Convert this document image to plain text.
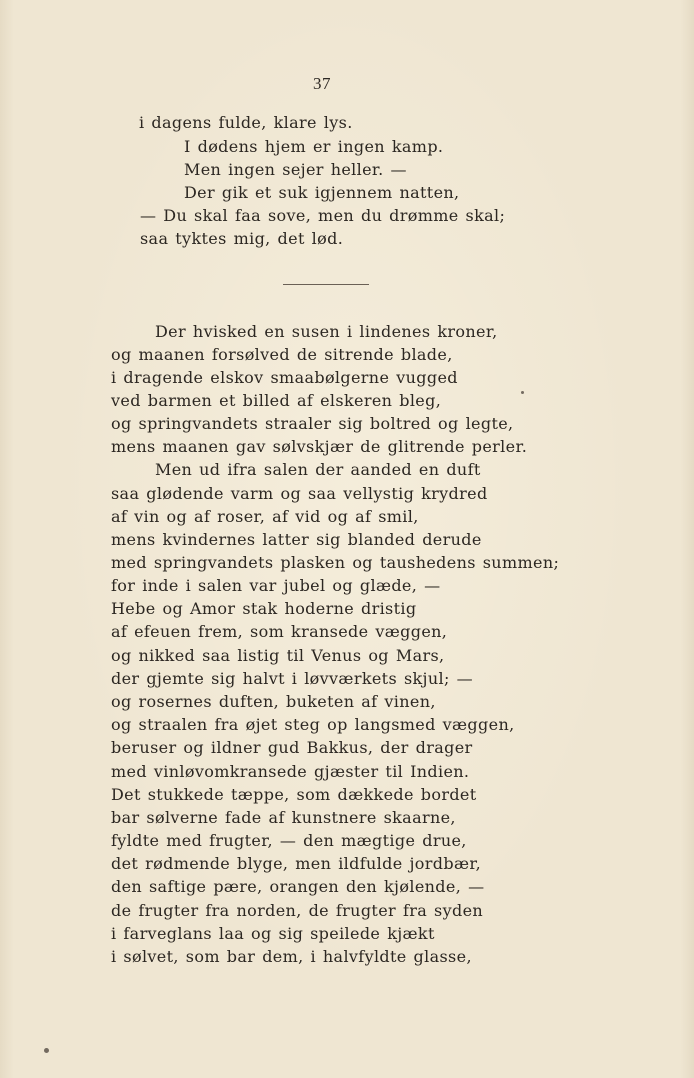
37
i dagens fulde, klare lys.
I dødens hjem er ingen kamp.
Men ingen sejer heller. —
Der gik et suk igjennem natten,
— Du skal faa sove, men du drømme skal;
saa tyktes mig, det lød.
Der hvisked en susen i lindenes kroner,
og maanen forsølved de sitrende blade,
i dragende elskov smaabølgerne vugged
ved barmen et billed af elskeren bleg,
og springvandets straaler sig boltred og legte,
mens maanen gav sølvskjær de glitrende perler.
Men ud ifra salen der aanded en duft
saa glødende varm og saa vellystig krydred
af vin og af roser, af vid og af smil,
mens kvindernes latter sig blanded derude
med springvandets plasken og taushedens summen;
for inde i salen var jubel og glæde, —
Hebe og Amor stak hoderne dristig
af efeuen frem, som kransede væggen,
og nikked saa listig til Venus og Mars,
der gjemte sig halvt i løvværkets skjul; —
og rosernes duften, buketen af vinen,
og straalen fra øjet steg op langsmed væggen,
beruser og ildner gud Bakkus, der drager
med vinløvomkransede gjæster til Indien.
Det stukkede tæppe, som dækkede bordet
bar sølverne fade af kunstnere skaarne,
fyldte med frugter, — den mægtige drue,
det rødmende blyge, men ildfulde jordbær,
den saftige pære, orangen den kjølende, —
de frugter fra norden, de frugter fra syden
i farveglans laa og sig speilede kjækt
i sølvet, som bar dem, i halvfyldte glasse,
